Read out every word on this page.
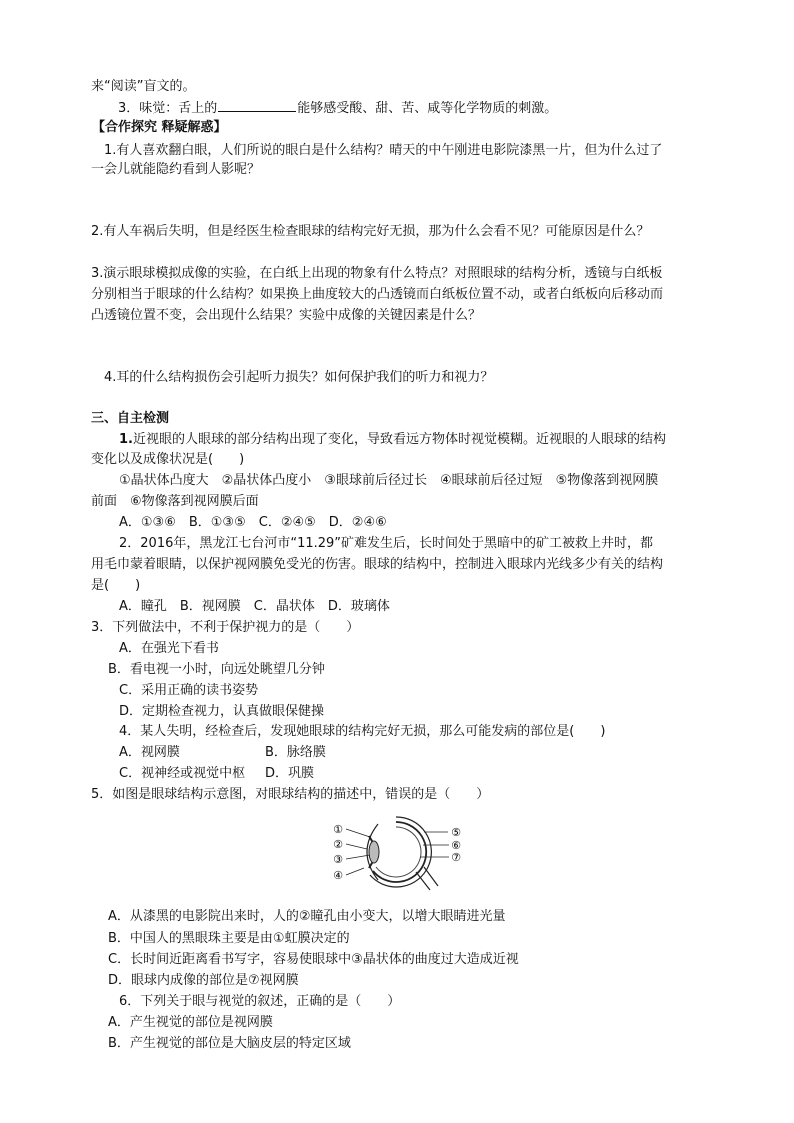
来“阅读”盲文的。
3．味觉：舌上的	能够感受酸、甜、苦、咸等化学物质的刺激。
【合作探究 释疑解惑】
1.有人喜欢翻白眼，人们所说的眼白是什么结构？晴天的中午刚进电影院漆黑一片，但为什么过了
一会儿就能隐约看到人影呢？
2.有人车祸后失明，但是经医生检查眼球的结构完好无损，那为什么会看不见？可能原因是什么？
3.演示眼球模拟成像的实验，在白纸上出现的物象有什么特点？对照眼球的结构分析，透镜与白纸板
分别相当于眼球的什么结构？如果换上曲度较大的凸透镜而白纸板位置不动，或者白纸板向后移动而
凸透镜位置不变，会出现什么结果？实验中成像的关键因素是什么？
4.耳的什么结构损伤会引起听力损失？如何保护我们的听力和视力？
三、自主检测
1.近视眼的人眼球的部分结构出现了变化，导致看远方物体时视觉模糊。近视眼的人眼球的结构
变化以及成像状况是(　　)
①晶状体凸度大　②晶状体凸度小　③眼球前后径过长　④眼球前后径过短　⑤物像落到视网膜
前面　⑥物像落到视网膜后面
A．①③⑥　B．①③⑤　C．②④⑤　D．②④⑥
2．2016年，黑龙江七台河市“11.29”矿难发生后，长时间处于黑暗中的矿工被救上井时，都
用毛巾蒙着眼睛，以保护视网膜免受光的伤害。眼球的结构中，控制进入眼球内光线多少有关的结构
是(　　)
A．瞳孔　B．视网膜　C．晶状体　D．玻璃体
3．下列做法中，不利于保护视力的是（　　）
A．在强光下看书
B．看电视一小时，向远处眺望几分钟
C．采用正确的读书姿势
D．定期检查视力，认真做眼保健操
4．某人失明，经检查后，发现她眼球的结构完好无损，那么可能发病的部位是(　　)
A．视网膜	B．脉络膜
C．视神经或视觉中枢 D．巩膜
5．如图是眼球结构示意图，对眼球结构的描述中，错误的是（　　）
①
②
③
④
⑤
⑥
⑦
A．从漆黑的电影院出来时，人的②瞳孔由小变大，以增大眼睛进光量
B．中国人的黑眼珠主要是由①虹膜决定的
C．长时间近距离看书写字，容易使眼球中③晶状体的曲度过大造成近视
D．眼球内成像的部位是⑦视网膜
6．下列关于眼与视觉的叙述，正确的是（　　）
A．产生视觉的部位是视网膜
B．产生视觉的部位是大脑皮层的特定区域
